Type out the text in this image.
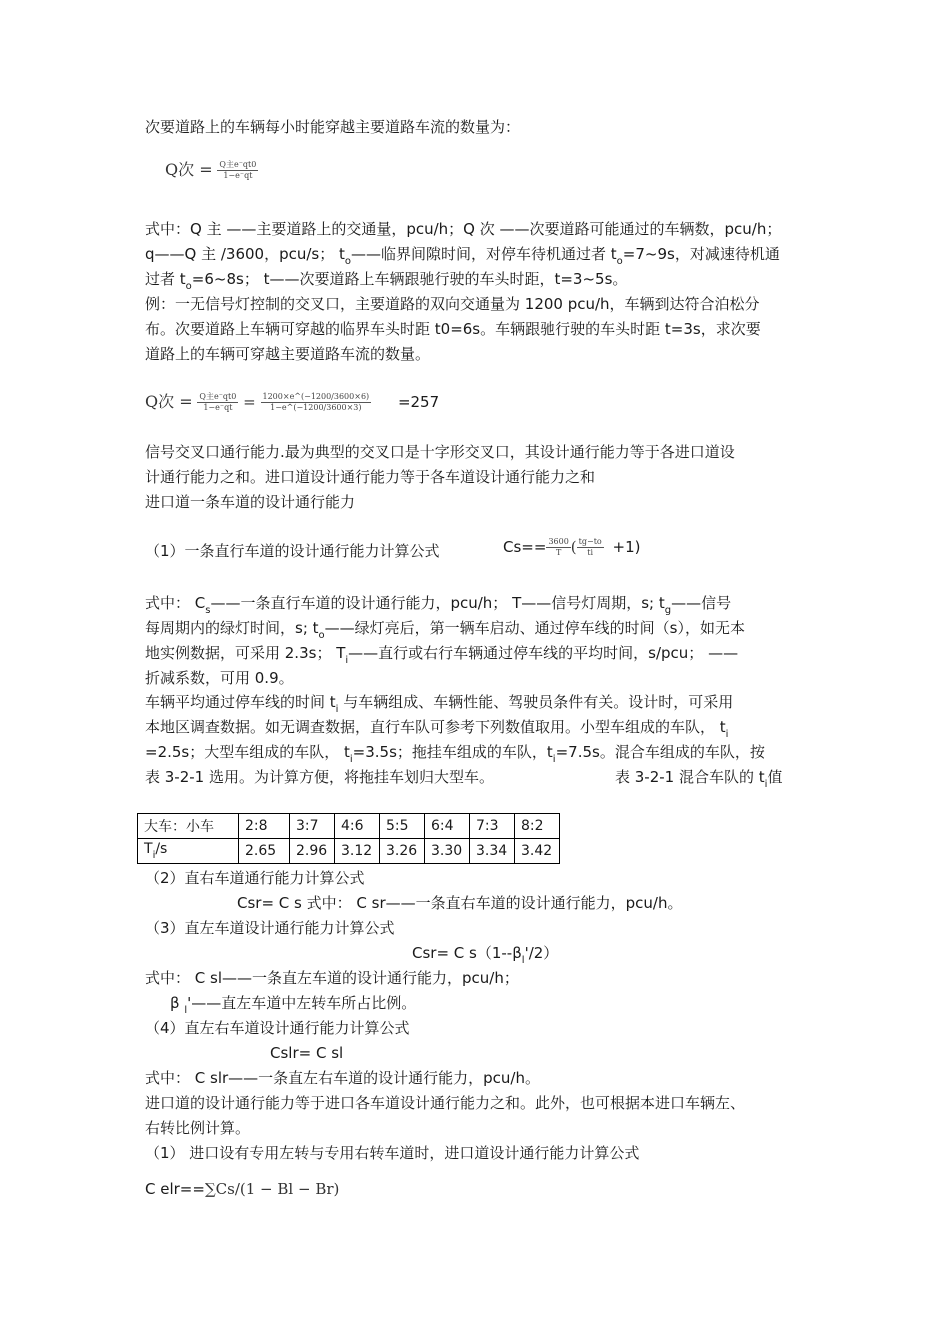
次要道路上的车辆每小时能穿越主要道路车流的数量为：
Q次 = $\frac{\text{Q主e⁻qt0}}{1-e^-qt}$
式中：Q 主 ——主要道路上的交通量，pcu/h；Q 次 ——次要道路可能通过的车辆数，pcu/h；
q——Q 主 /3600，pcu/s； $t_o——$临界间隙时间，对停车待机通过者 $t_o=7\sim 9s$，对减速待机通
过者 $t_o=6\sim 8s$； t——次要道路上车辆跟驰行驶的车头时距，t=3~5s。
例：一无信号灯控制的交叉口，主要道路的双向交通量为 1200 pcu/h，车辆到达符合泊松分
布。次要道路上车辆可穿越的临界车头时距 t0=6s。车辆跟驰行驶的车头时距 t=3s，求次要
道路上的车辆可穿越主要道路车流的数量。
Q次 = $\frac{\text{Q主e⁻qt0}}{1-e^-qt} = \frac{1200\times e\^{}(-1200/3600\times 6)}{1-e\^{}(-1200/3600\times 3)} =257$
信号交叉口通行能力.最为典型的交叉口是十字形交叉口，其设计通行能力等于各进口道设
计通行能力之和。进口道设计通行能力等于各车道设计通行能力之和
进口道一条车道的设计通行能力
（1）一条直行车道的设计通行能力计算公式	$Cs== \frac{3600}{T}$ ( $\frac{tg-to}{ti} +1$)
式中： $C_s——$一条直行车道的设计通行能力，pcu/h； T——信号灯周期，s; $t_g——$信号
每周期内的绿灯时间，s; $t_o——$绿灯亮后，第一辆车启动、通过停车线的时间（s），如无本
地实例数据，可采用 2.3s； $T_i——$直行或右行车辆通过停车线的平均时间，s/pcu； ——
折减系数，可用 0.9。
车辆平均通过停车线的时间 $t_i$ 与车辆组成、车辆性能、驾驶员条件有关。设计时，可采用
本地区调查数据。如无调查数据，直行车队可参考下列数值取用。小型车组成的车队， $t_i$
=2.5s；大型车组成的车队， $t_i=3.5s$；拖挂车组成的车队，$t_i=7.5s$。混合车组成的车队，按
表 3-2-1 选用。为计算方便，将拖挂车划归大型车。	表 3-2-1 混合车队的 $t_i$值
大车：小车	2:8	3:7	4:6	5:5	6:4	7:3	8:2
$T_i/s$	2.65	2.96	3.12	3.26	3.30	3.34	3.42
（2）直右车道通行能力计算公式
Csr= C s 式中： C sr——一条直右车道的设计通行能力，pcu/h。
（3）直左车道设计通行能力计算公式
Csr= C $s(1--\beta_l'/2)$
式中： C sl——一条直左车道的设计通行能力，pcu/h；
β $_l$'——直左车道中左转车所占比例。
（4）直左右车道设计通行能力计算公式
Cslr= C sl
式中： C slr——一条直左右车道的设计通行能力，pcu/h。
进口道的设计通行能力等于进口各车道设计通行能力之和。此外，也可根据本进口车辆左、
右转比例计算。
（1） 进口设有专用左转与专用右转车道时，进口道设计通行能力计算公式
C elr==∑Cs/(1 − Bl − Br)
